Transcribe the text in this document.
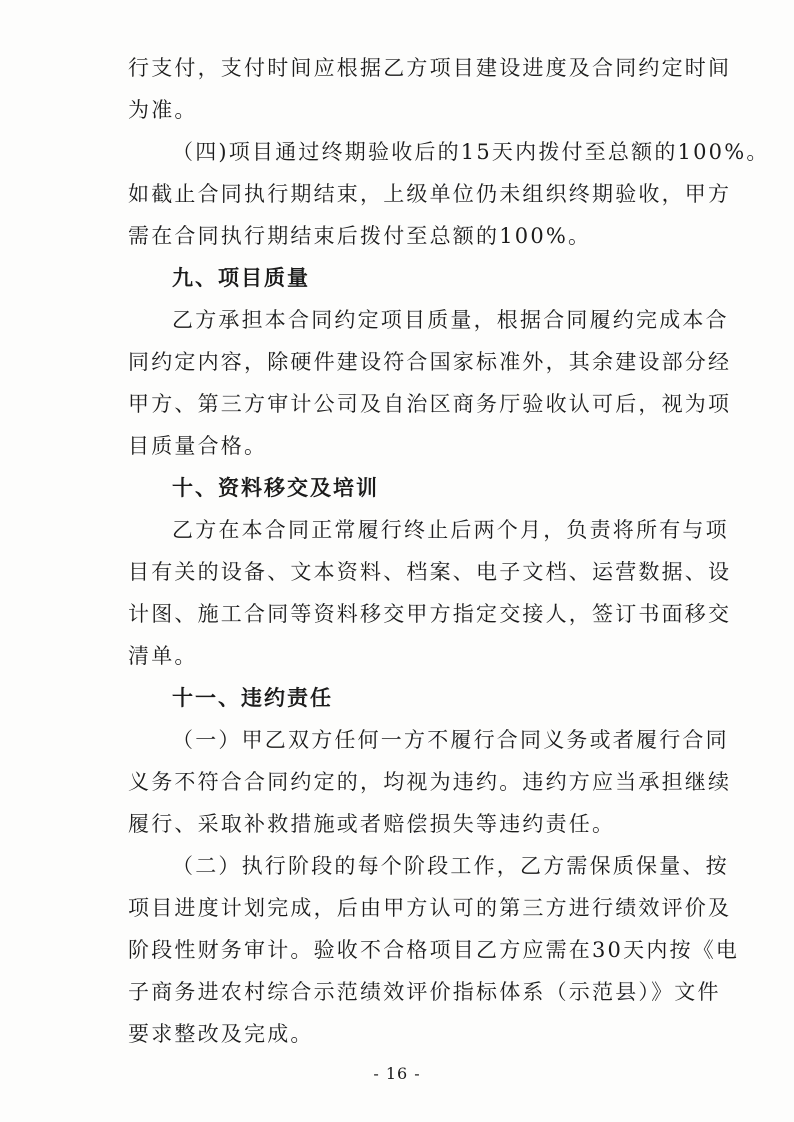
行支付，支付时间应根据乙方项目建设进度及合同约定时间
为准。
（四)项目通过终期验收后的15天内拨付至总额的100%。
如截止合同执行期结束，上级单位仍未组织终期验收，甲方
需在合同执行期结束后拨付至总额的100%。
九、项目质量
乙方承担本合同约定项目质量，根据合同履约完成本合
同约定内容，除硬件建设符合国家标准外，其余建设部分经
甲方、第三方审计公司及自治区商务厅验收认可后，视为项
目质量合格。
十、资料移交及培训
乙方在本合同正常履行终止后两个月，负责将所有与项
目有关的设备、文本资料、档案、电子文档、运营数据、设
计图、施工合同等资料移交甲方指定交接人，签订书面移交
清单。
十一、违约责任
（一）甲乙双方任何一方不履行合同义务或者履行合同
义务不符合合同约定的，均视为违约。违约方应当承担继续
履行、采取补救措施或者赔偿损失等违约责任。
（二）执行阶段的每个阶段工作，乙方需保质保量、按
项目进度计划完成，后由甲方认可的第三方进行绩效评价及
阶段性财务审计。验收不合格项目乙方应需在30天内按《电
子商务进农村综合示范绩效评价指标体系（示范县）》文件
要求整改及完成。
- 16 -
